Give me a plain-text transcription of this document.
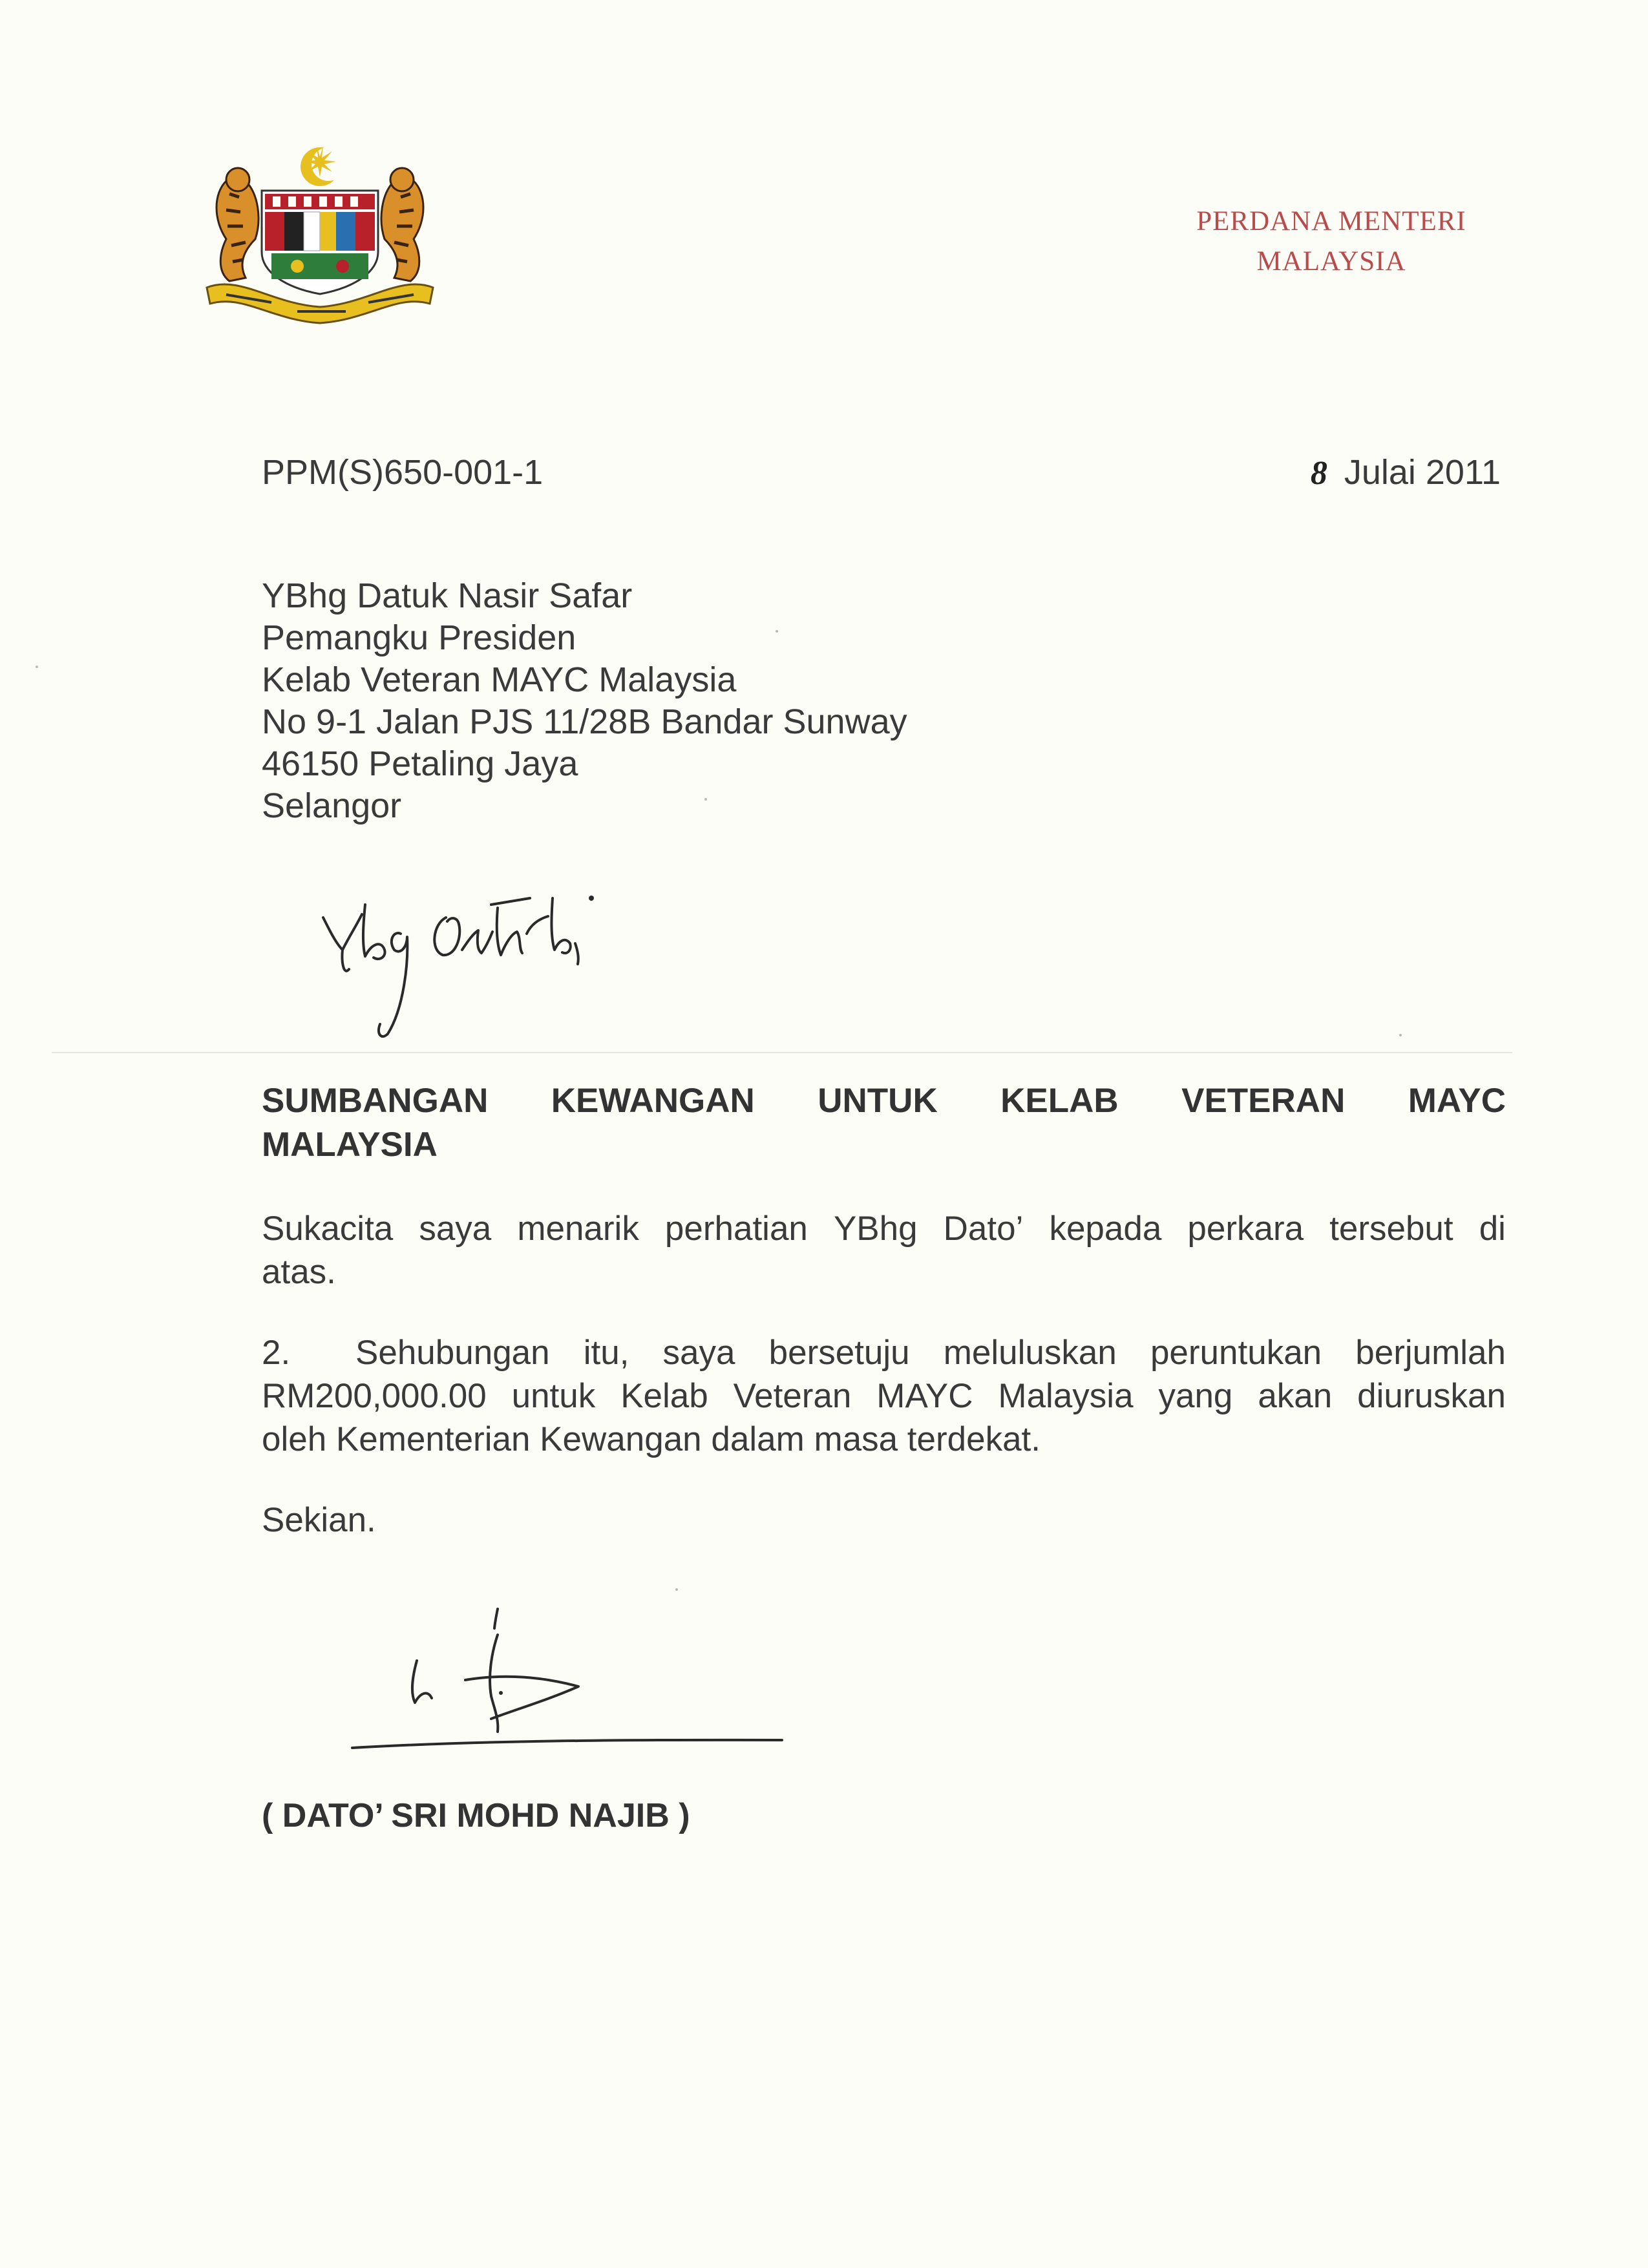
PERDANA MENTERI
MALAYSIA
PPM(S)650-001-1	8 Julai 2011
YBhg Datuk Nasir Safar
Pemangku Presiden
Kelab Veteran MAYC Malaysia
No 9-1 Jalan PJS 11/28B Bandar Sunway
46150 Petaling Jaya
Selangor
SUMBANGAN KEWANGAN UNTUK KELAB VETERAN MAYC
MALAYSIA
Sukacita saya menarik perhatian YBhg Dato’ kepada perkara tersebut di
atas.
2.	Sehubungan itu, saya bersetuju meluluskan peruntukan berjumlah
RM200,000.00 untuk Kelab Veteran MAYC Malaysia yang akan diuruskan
oleh Kementerian Kewangan dalam masa terdekat.
Sekian.
( DATO’ SRI MOHD NAJIB )
